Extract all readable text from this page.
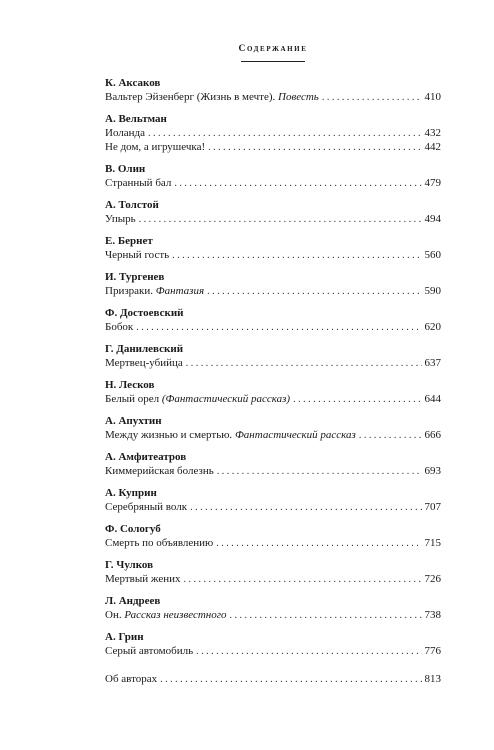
Содержание
К. Аксаков
Вальтер Эйзенберг (Жизнь в мечте). Повесть . . .	410
А. Вельтман
Иоланда . . .	432
Не дом, а игрушечка! . . .	442
В. Олин
Странный бал . . .	479
А. Толстой
Упырь . . .	494
Е. Бернет
Черный гость . . .	560
И. Тургенев
Призраки. Фантазия . . .	590
Ф. Достоевский
Бобок . . .	620
Г. Данилевский
Мертвец-убийца . . .	637
Н. Лесков
Белый орел (Фантастический рассказ) . . .	644
А. Апухтин
Между жизнью и смертью. Фантастический рассказ . . .	666
А. Амфитеатров
Киммерийская болезнь . . .	693
А. Куприн
Серебряный волк . . .	707
Ф. Сологуб
Смерть по объявлению . . .	715
Г. Чулков
Мертвый жених . . .	726
Л. Андреев
Он. Рассказ неизвестного . . .	738
А. Грин
Серый автомобиль . . .	776
Об авторах . . .	813
